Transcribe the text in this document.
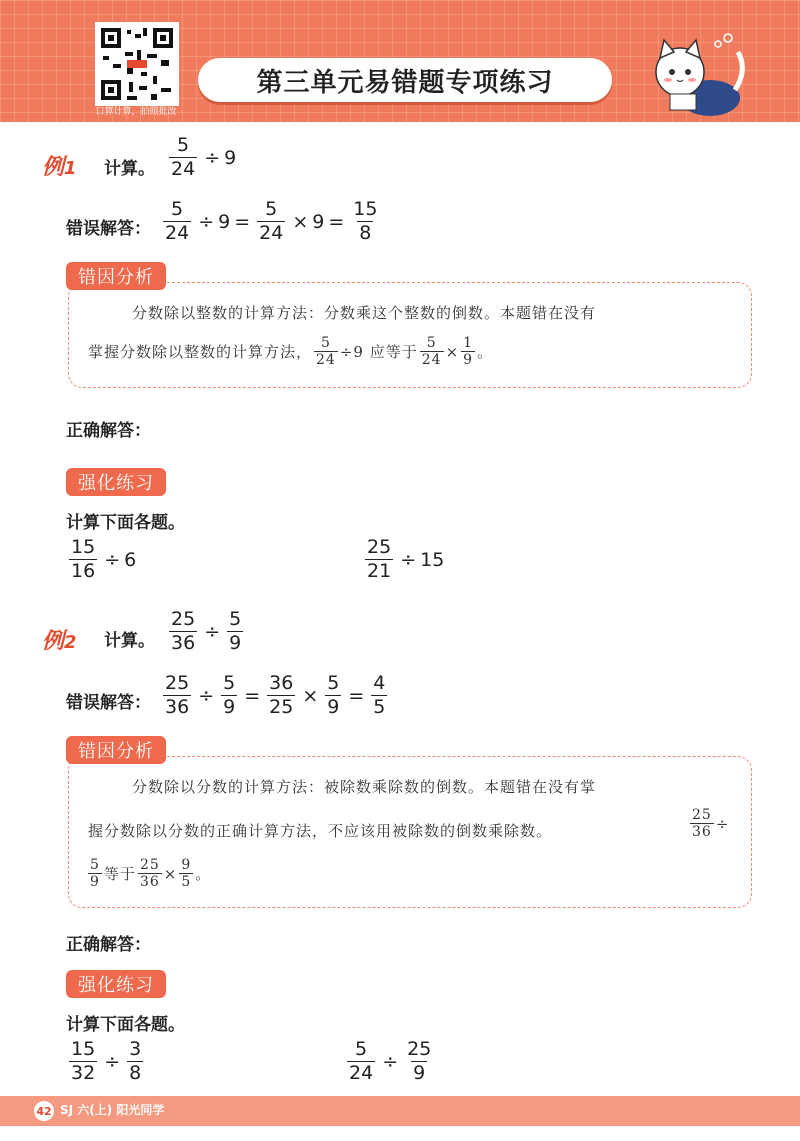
口算计算，拍照批改
第三单元易错题专项练习
例1 计算。 $\frac{5}{24} \div 9$
错误解答： $\frac{5}{24} \div 9 = \frac{5}{24} \times 9 = \frac{15}{8}$
错因分析
分数除以整数的计算方法：分数乘这个整数的倒数。本题错在没有
掌握分数除以整数的计算方法， $\frac{5}{24} \div 9$ 应等于 $\frac{5}{24} \times \frac{1}{9}$ 。
正确解答：
强化练习
计算下面各题。
$\frac{15}{16} \div 6$	$\frac{25}{21} \div 15$
例2 计算。 $\frac{25}{36} \div \frac{5}{9}$
错误解答： $\frac{25}{36} \div \frac{5}{9} = \frac{36}{25} \times \frac{5}{9} = \frac{4}{5}$
错因分析
分数除以分数的计算方法：被除数乘除数的倒数。本题错在没有掌
握分数除以分数的正确计算方法，不应该用被除数的倒数乘除数。	$\frac{25}{36}$ ÷
5
9 等于 $\frac{25}{36} \times \frac{9}{5}$ 。
正确解答：
强化练习
计算下面各题。
$\frac{15}{32} \div \frac{3}{8}$	$\frac{5}{24} \div \frac{25}{9}$
42 SJ 六(上) 阳光同学
